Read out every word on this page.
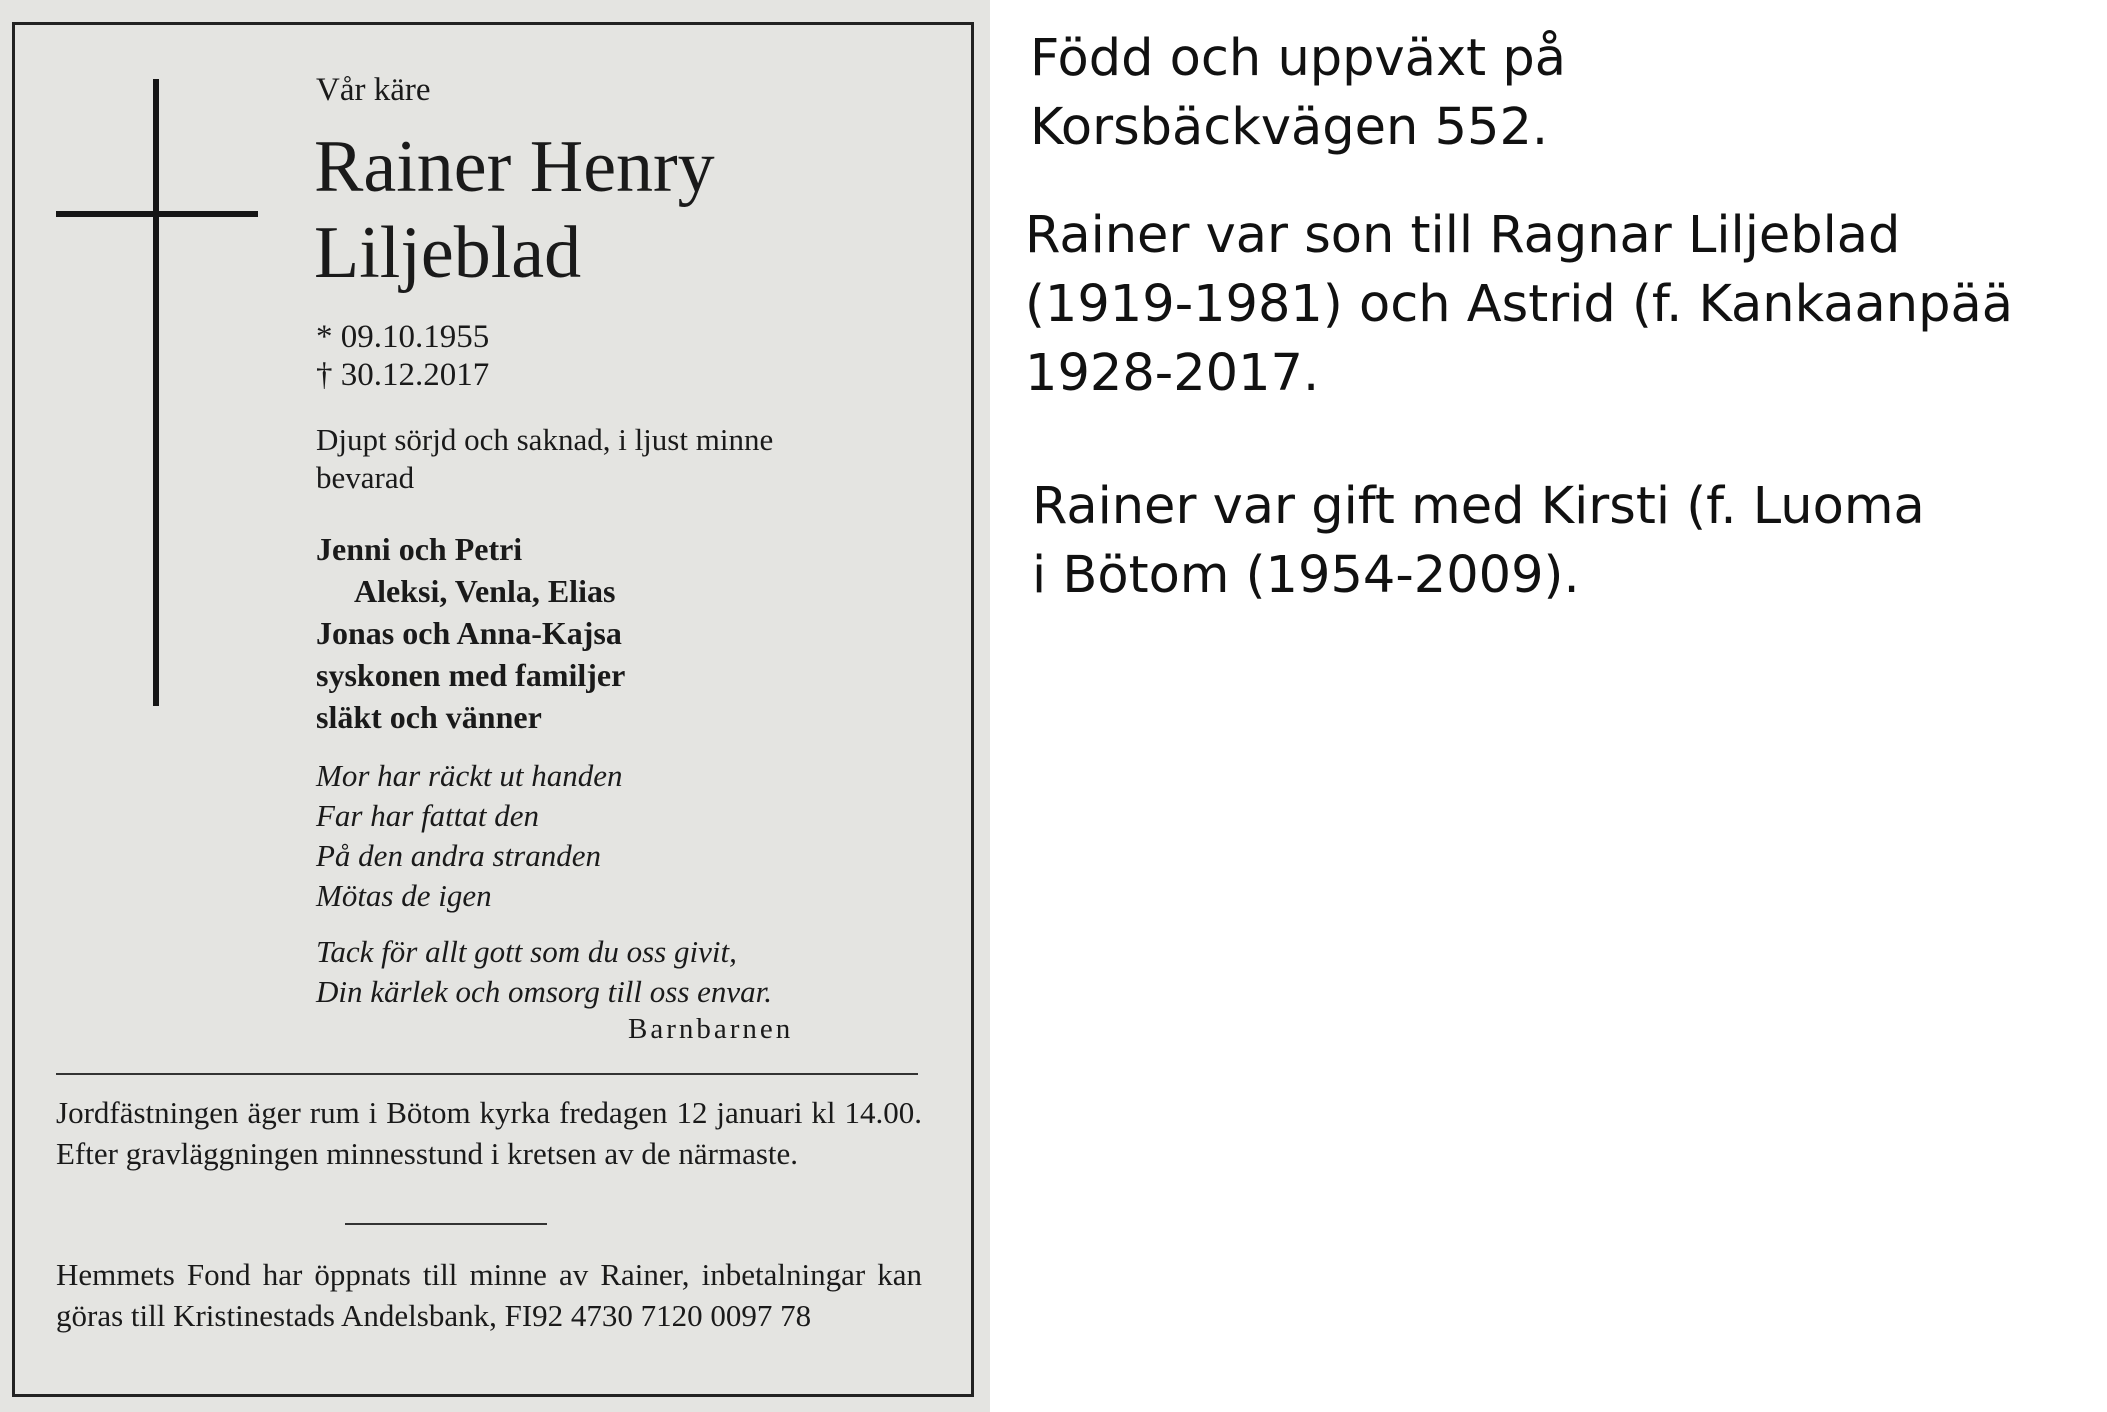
Vår käre
Rainer Henry
Liljeblad
* 09.10.1955
† 30.12.2017
Djupt sörjd och saknad, i ljust minne
bevarad
Jenni och Petri
Aleksi, Venla, Elias
Jonas och Anna-Kajsa
syskonen med familjer
släkt och vänner
Mor har räckt ut handen
Far har fattat den
På den andra stranden
Mötas de igen
Tack för allt gott som du oss givit,
Din kärlek och omsorg till oss envar.
Barnbarnen
Jordfästningen äger rum i Bötom kyrka fredagen 12 januari kl 14.00. Efter gravläggningen minnesstund i kretsen av de närmaste.
Hemmets Fond har öppnats till minne av Rainer, inbetalningar kan göras till Kristinestads Andelsbank, FI92 4730 7120 0097 78
Född och uppväxt på
Korsbäckvägen 552.
Rainer var son till Ragnar Liljeblad
(1919-1981) och Astrid (f. Kankaanpää
1928-2017.
Rainer var gift med Kirsti (f. Luoma
i Bötom (1954-2009).
